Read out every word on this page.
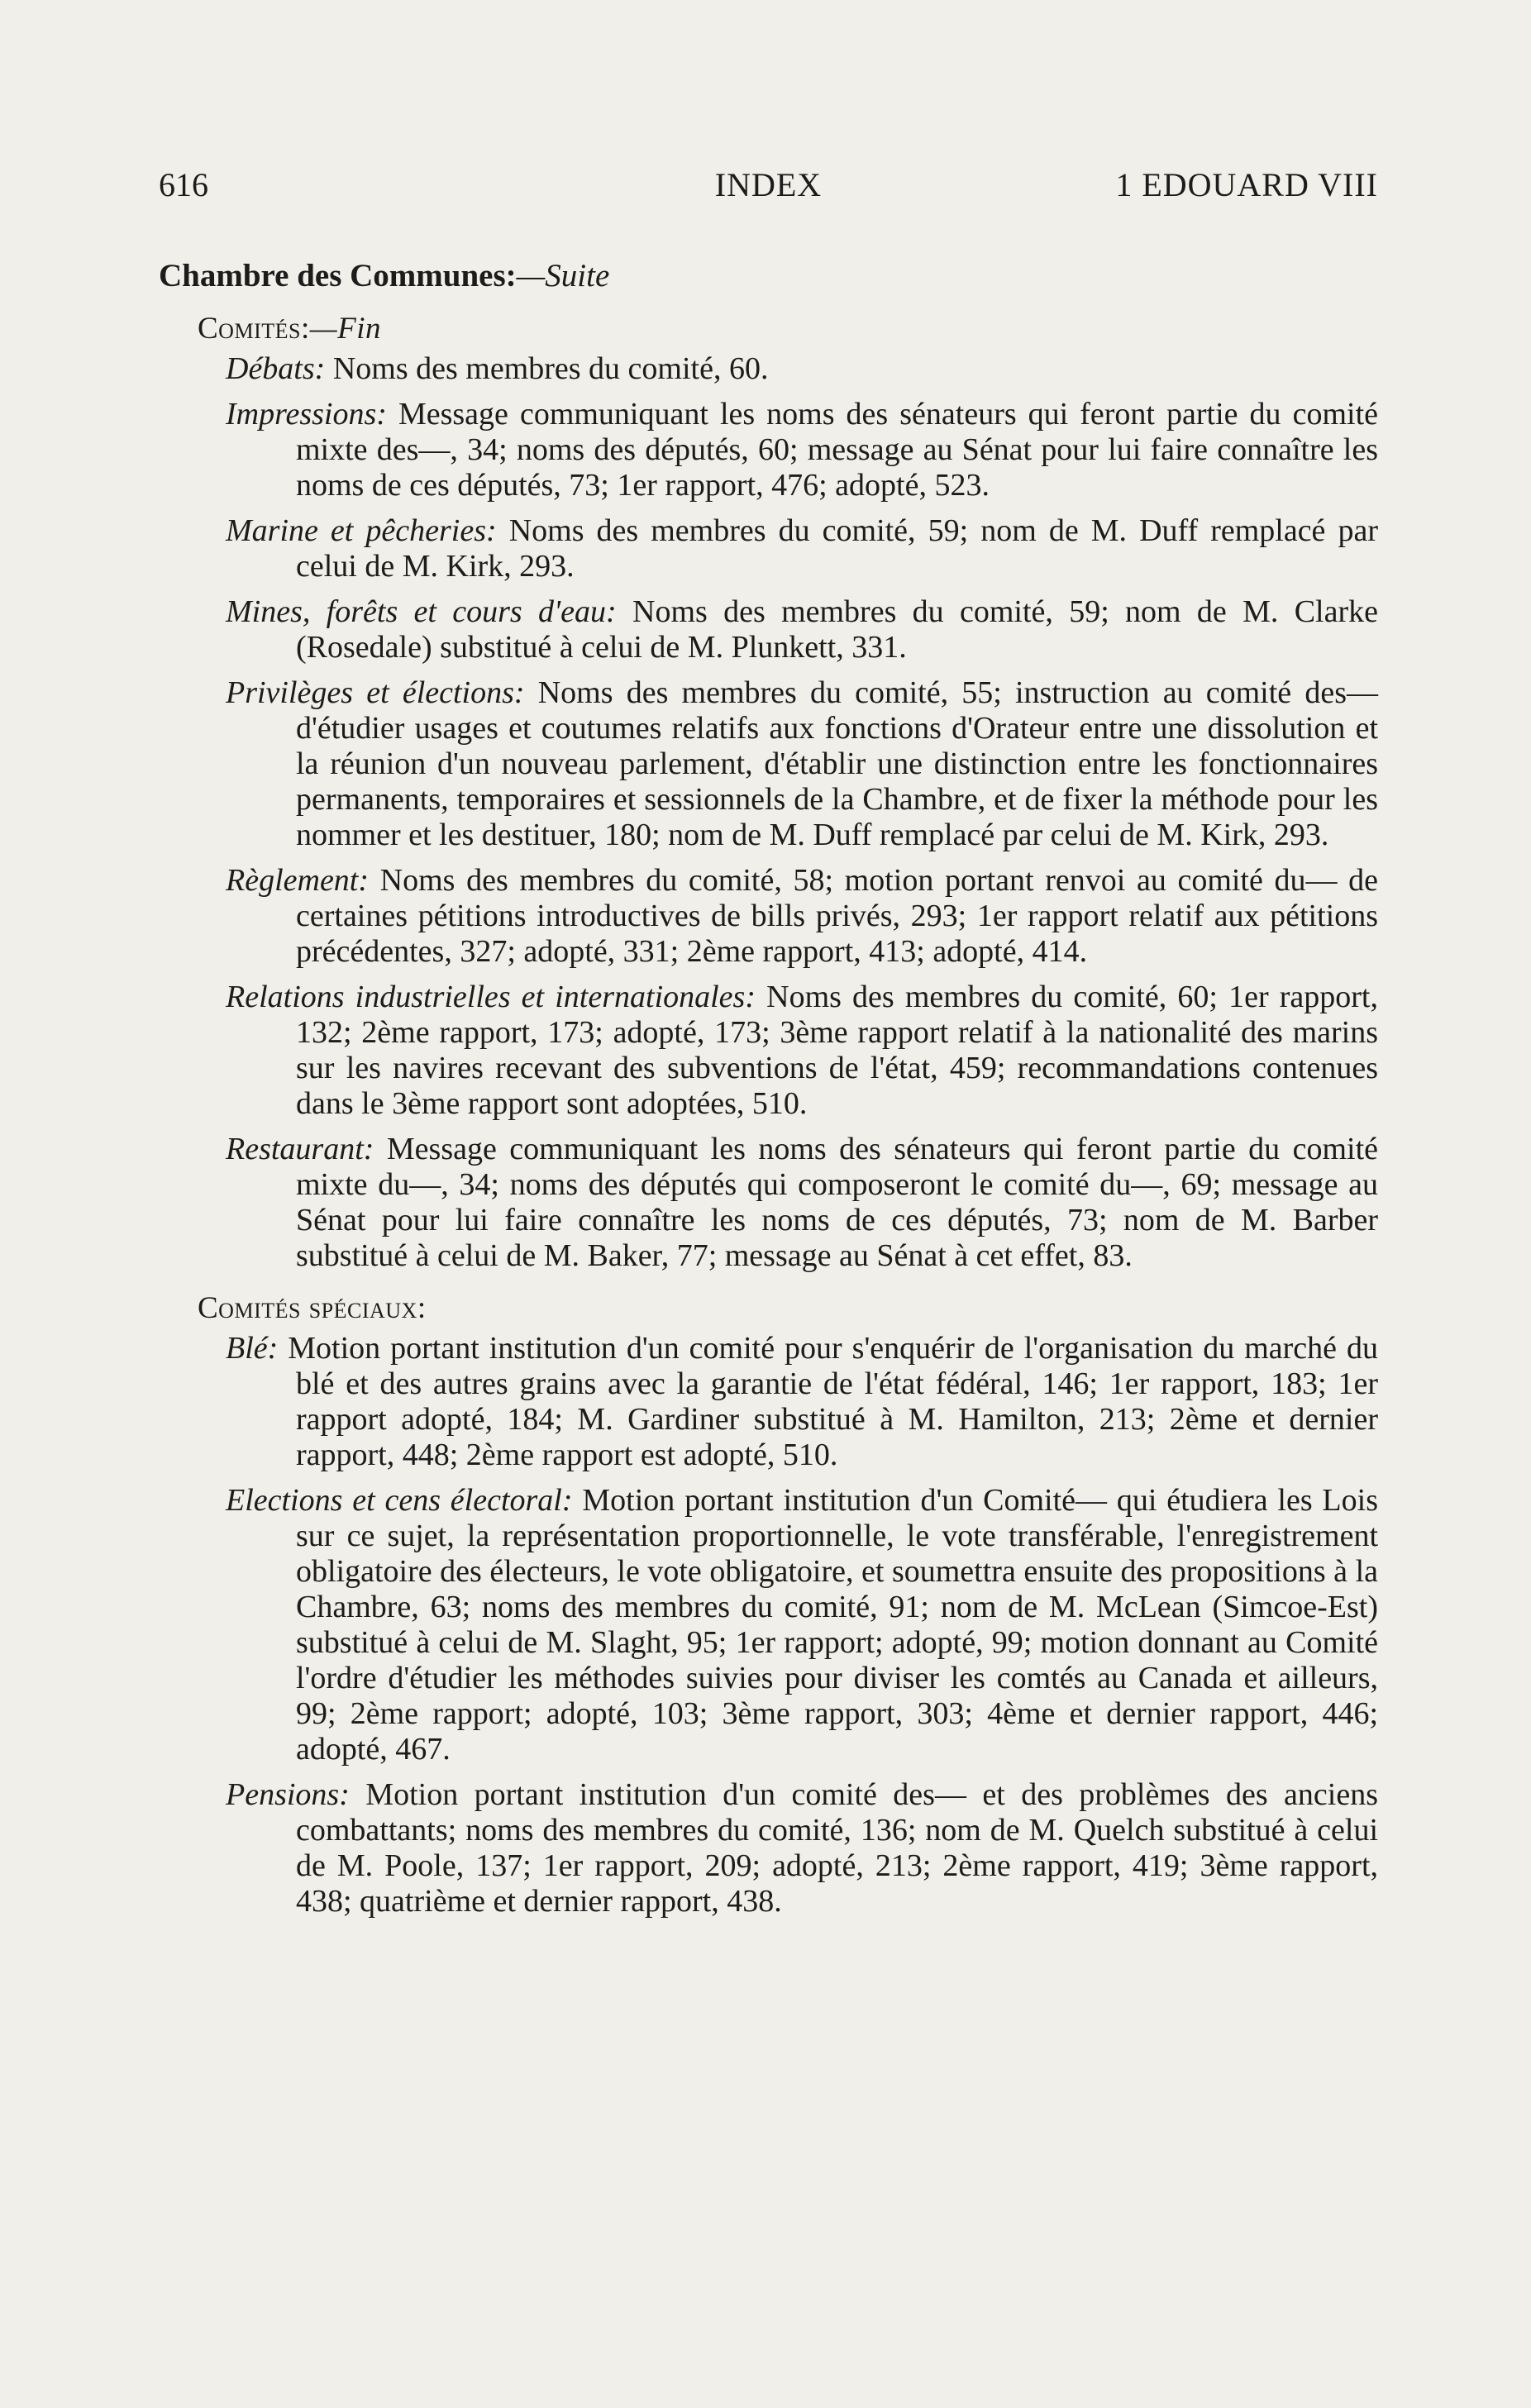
616	INDEX	1 EDOUARD VIII
Chambre des Communes:—Suite
Comités:—Fin
Débats: Noms des membres du comité, 60.
Impressions: Message communiquant les noms des sénateurs qui feront partie du comité mixte des—, 34; noms des députés, 60; message au Sénat pour lui faire connaître les noms de ces députés, 73; 1er rapport, 476; adopté, 523.
Marine et pêcheries: Noms des membres du comité, 59; nom de M. Duff remplacé par celui de M. Kirk, 293.
Mines, forêts et cours d'eau: Noms des membres du comité, 59; nom de M. Clarke (Rosedale) substitué à celui de M. Plunkett, 331.
Privilèges et élections: Noms des membres du comité, 55; instruction au comité des— d'étudier usages et coutumes relatifs aux fonctions d'Orateur entre une dissolution et la réunion d'un nouveau parlement, d'établir une distinction entre les fonctionnaires permanents, temporaires et sessionnels de la Chambre, et de fixer la méthode pour les nommer et les destituer, 180; nom de M. Duff remplacé par celui de M. Kirk, 293.
Règlement: Noms des membres du comité, 58; motion portant renvoi au comité du— de certaines pétitions introductives de bills privés, 293; 1er rapport relatif aux pétitions précédentes, 327; adopté, 331; 2ème rapport, 413; adopté, 414.
Relations industrielles et internationales: Noms des membres du comité, 60; 1er rapport, 132; 2ème rapport, 173; adopté, 173; 3ème rapport relatif à la nationalité des marins sur les navires recevant des subventions de l'état, 459; recommandations contenues dans le 3ème rapport sont adoptées, 510.
Restaurant: Message communiquant les noms des sénateurs qui feront partie du comité mixte du—, 34; noms des députés qui composeront le comité du—, 69; message au Sénat pour lui faire connaître les noms de ces députés, 73; nom de M. Barber substitué à celui de M. Baker, 77; message au Sénat à cet effet, 83.
Comités spéciaux:
Blé: Motion portant institution d'un comité pour s'enquérir de l'organisation du marché du blé et des autres grains avec la garantie de l'état fédéral, 146; 1er rapport, 183; 1er rapport adopté, 184; M. Gardiner substitué à M. Hamilton, 213; 2ème et dernier rapport, 448; 2ème rapport est adopté, 510.
Elections et cens électoral: Motion portant institution d'un Comité— qui étudiera les Lois sur ce sujet, la représentation proportionnelle, le vote transférable, l'enregistrement obligatoire des électeurs, le vote obligatoire, et soumettra ensuite des propositions à la Chambre, 63; noms des membres du comité, 91; nom de M. McLean (Simcoe-Est) substitué à celui de M. Slaght, 95; 1er rapport; adopté, 99; motion donnant au Comité l'ordre d'étudier les méthodes suivies pour diviser les comtés au Canada et ailleurs, 99; 2ème rapport; adopté, 103; 3ème rapport, 303; 4ème et dernier rapport, 446; adopté, 467.
Pensions: Motion portant institution d'un comité des— et des problèmes des anciens combattants; noms des membres du comité, 136; nom de M. Quelch substitué à celui de M. Poole, 137; 1er rapport, 209; adopté, 213; 2ème rapport, 419; 3ème rapport, 438; quatrième et dernier rapport, 438.
